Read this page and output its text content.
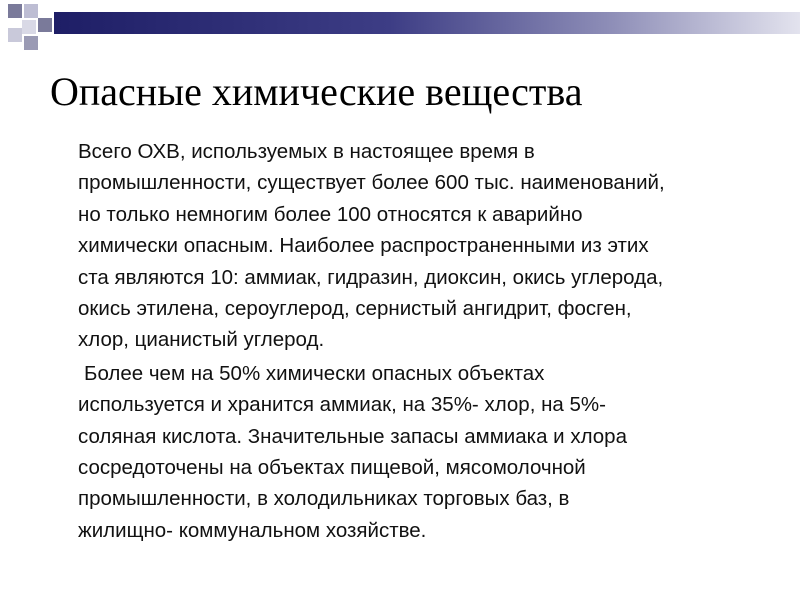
Опасные химические вещества

Всего ОХВ, используемых в настоящее время в
промышленности, существует более 600 тыс. наименований,
но только немногим более 100 относятся к аварийно
химически опасным. Наиболее распространенными из этих
ста являются 10: аммиак, гидразин, диоксин, окись углерода,
окись этилена, сероуглерод, сернистый ангидрит, фосген,
хлор, цианистый углерод.

Более чем на 50% химически опасных объектах
используется и хранится аммиак, на 35%- хлор, на 5%-
соляная кислота. Значительные запасы аммиака и хлора
сосредоточены на объектах пищевой, мясомолочной
промышленности, в холодильниках торговых баз, в
жилищно- коммунальном хозяйстве.
